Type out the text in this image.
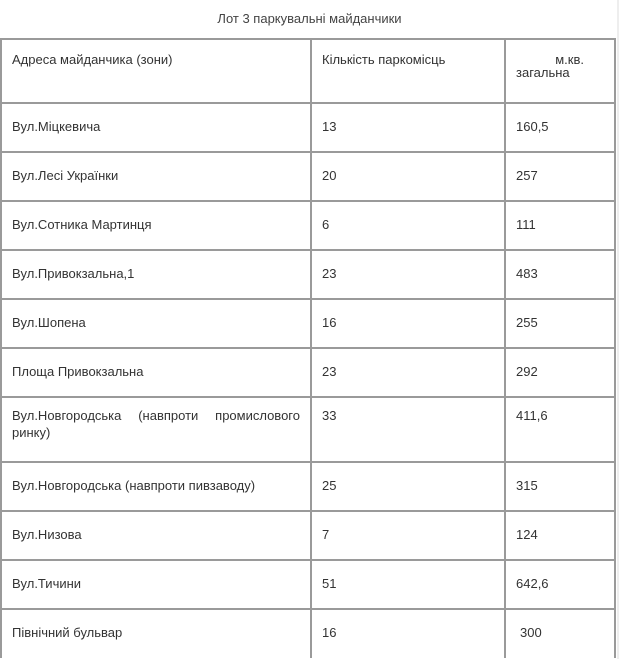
Лот 3 паркувальні майданчики
Адреса майданчика (зони)	Кількість паркомісць	м.кв.
загальна

Вул.Міцкевича	13	160,5
Вул.Лесі Українки	20	257
Вул.Сотника Мартинця	6	111
Вул.Привокзальна,1	23	483
Вул.Шопена	16	255
Площа Привокзальна	23	292

Вул.Новгородська (навпроти промислового ринку)	33	411,6
Вул.Новгородська (навпроти пивзаводу)	25	315
Вул.Низова	7	124
Вул.Тичини	51	642,6
Північний бульвар	16	300
